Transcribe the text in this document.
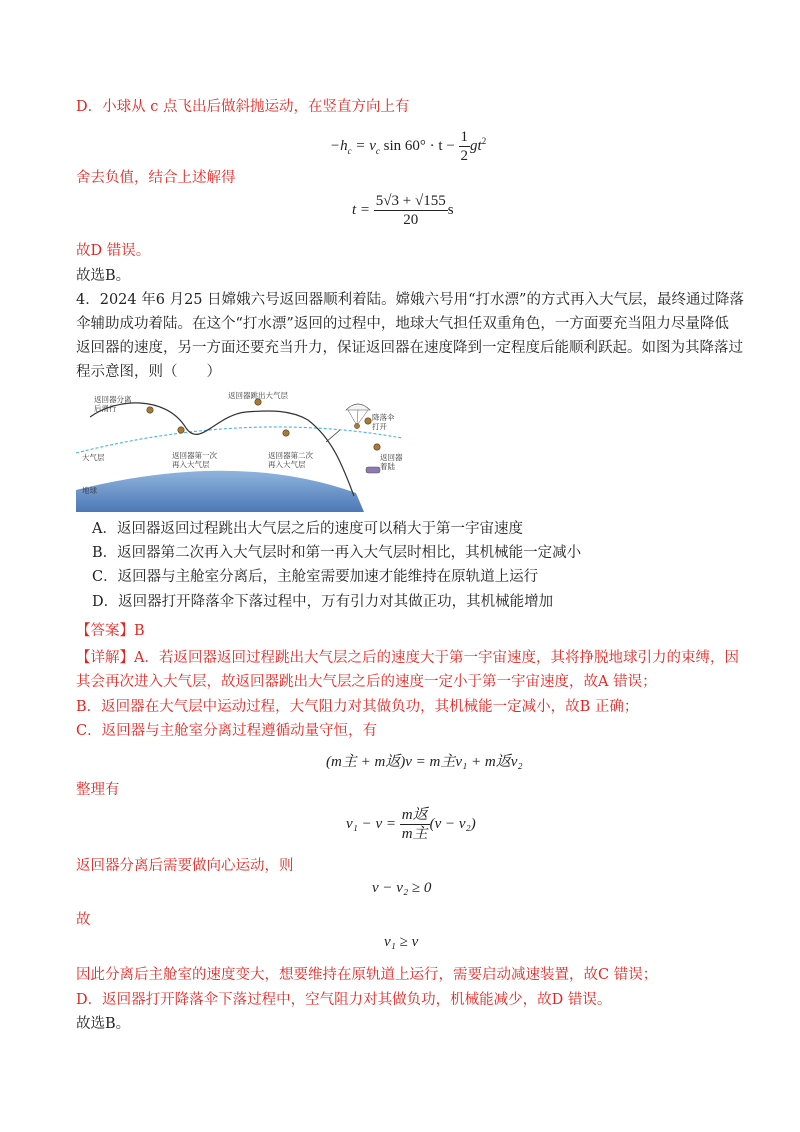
D．小球从 c 点飞出后做斜抛运动，在竖直方向上有
$-h_c = v_c$ $\sin 60^\circ \cdot t - \frac{1}{2} gt^2$
舍去负值，结合上述解得
$t = \frac{5√3 + √155}{20}$ s
故D 错误。
故选B。
4．2024 年6 月25 日嫦娥六号返回器顺利着陆。嫦娥六号用“打水漂”的方式再入大气层，最终通过降落
伞辅助成功着陆。在这个“打水漂”返回的过程中，地球大气担任双重角色，一方面要充当阻力尽量降低
返回器的速度，另一方面还要充当升力，保证返回器在速度降到一定程度后能顺利跃起。如图为其降落过
程示意图，则（　　）
返回器分离
后滑行
返回器跳出大气层
返回器第一次
再入大气层
返回器第二次
再入大气层
降落伞
打开
返回器
着陆
大气层
地球
A．返回器返回过程跳出大气层之后的速度可以稍大于第一宇宙速度
B．返回器第二次再入大气层时和第一再入大气层时相比，其机械能一定减小
C．返回器与主舱室分离后，主舱室需要加速才能维持在原轨道上运行
D．返回器打开降落伞下落过程中，万有引力对其做正功，其机械能增加
【答案】B
【详解】A．若返回器返回过程跳出大气层之后的速度大于第一宇宙速度，其将挣脱地球引力的束缚，因
其会再次进入大气层，故返回器跳出大气层之后的速度一定小于第一宇宙速度，故A 错误；
B．返回器在大气层中运动过程，大气阻力对其做负功，其机械能一定减小，故B 正确；
C．返回器与主舱室分离过程遵循动量守恒，有
(m主 + m返)v = m主v₁ + m返v₂
整理有
$v_1 - v = \frac{\text{m返}}{\text{m主}} (v - v_2)$
返回器分离后需要做向心运动，则
v − v₂ ≥ 0
故
v₁ ≥ v
因此分离后主舱室的速度变大，想要维持在原轨道上运行，需要启动减速装置，故C 错误；
D．返回器打开降落伞下落过程中，空气阻力对其做负功，机械能减少，故D 错误。
故选B。
